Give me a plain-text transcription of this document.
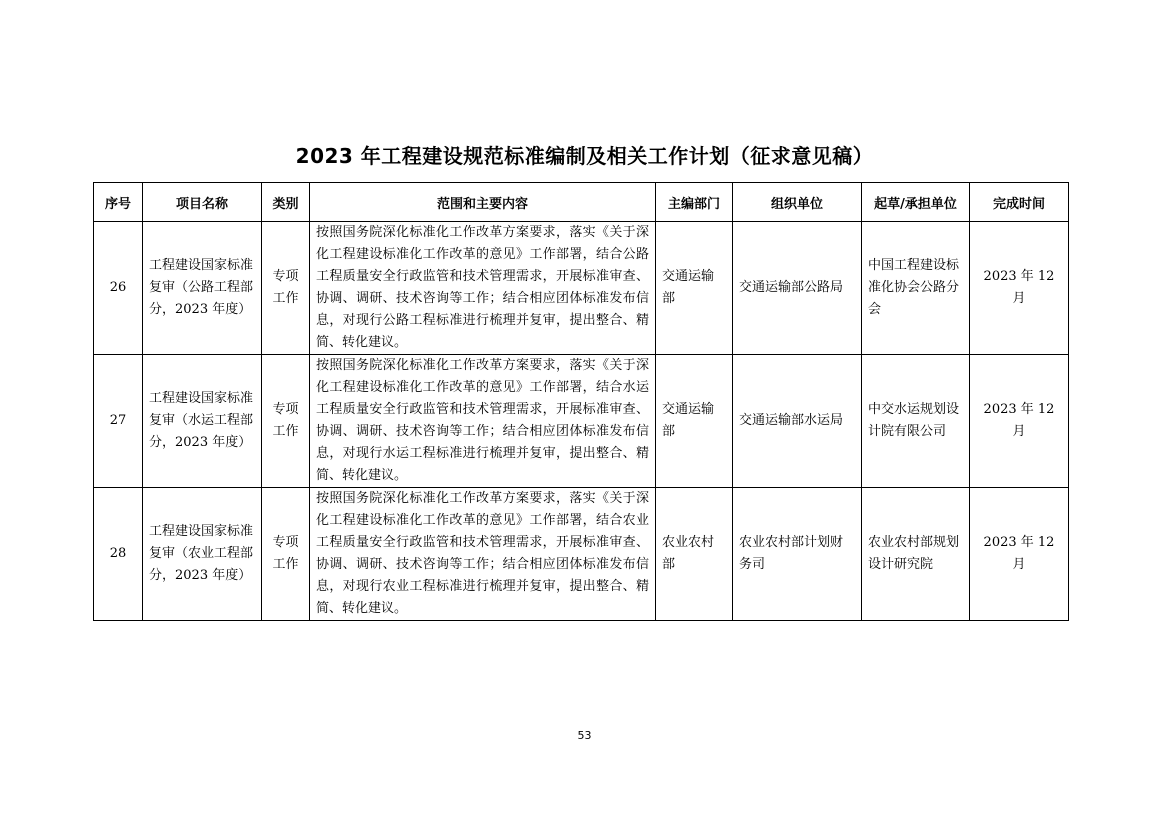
2023 年工程建设规范标准编制及相关工作计划（征求意见稿）
序号	项目名称	类别	范围和主要内容	主编部门	组织单位	起草/承担单位	完成时间
26	工程建设国家标准复审（公路工程部分，2023 年度）	专项工作	按照国务院深化标准化工作改革方案要求，落实《关于深化工程建设标准化工作改革的意见》工作部署，结合公路工程质量安全行政监管和技术管理需求，开展标准审查、协调、调研、技术咨询等工作；结合相应团体标准发布信息，对现行公路工程标准进行梳理并复审，提出整合、精简、转化建议。	交通运输部	交通运输部公路局	中国工程建设标准化协会公路分会	2023 年 12 月
27	工程建设国家标准复审（水运工程部分，2023 年度）	专项工作	按照国务院深化标准化工作改革方案要求，落实《关于深化工程建设标准化工作改革的意见》工作部署，结合水运工程质量安全行政监管和技术管理需求，开展标准审查、协调、调研、技术咨询等工作；结合相应团体标准发布信息，对现行水运工程标准进行梳理并复审，提出整合、精简、转化建议。	交通运输部	交通运输部水运局	中交水运规划设计院有限公司	2023 年 12 月
28	工程建设国家标准复审（农业工程部分，2023 年度）	专项工作	按照国务院深化标准化工作改革方案要求，落实《关于深化工程建设标准化工作改革的意见》工作部署，结合农业工程质量安全行政监管和技术管理需求，开展标准审查、协调、调研、技术咨询等工作；结合相应团体标准发布信息，对现行农业工程标准进行梳理并复审，提出整合、精简、转化建议。	农业农村部	农业农村部计划财务司	农业农村部规划设计研究院	2023 年 12 月
53
